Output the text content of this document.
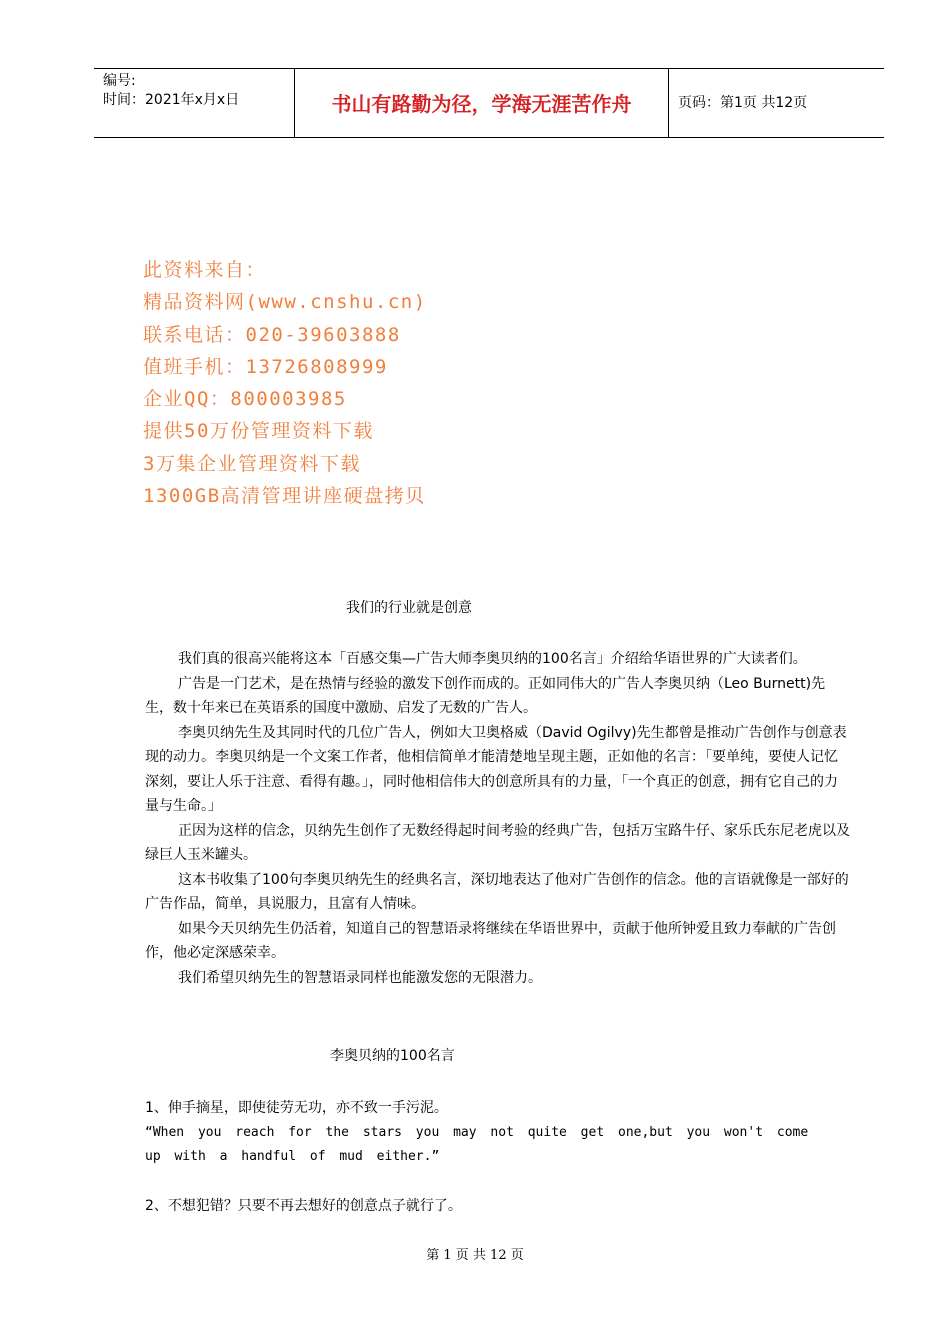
编号:
时间：2021年x月x日	书山有路勤为径，学海无涯苦作舟	页码：第1页 共12页
此资料来自：
精品资料网(www.cnshu.cn)
联系电话：020-39603888
值班手机：13726808999
企业QQ：800003985
提供50万份管理资料下载
3万集企业管理资料下载
1300GB高清管理讲座硬盘拷贝
我们的行业就是创意

我们真的很高兴能将这本「百感交集—广告大师李奥贝纳的100名言」介绍给华语世界的广大读者们。

广告是一门艺术，是在热情与经验的激发下创作而成的。正如同伟大的广告人李奥贝纳（Leo Burnett)先生，数十年来已在英语系的国度中激励、启发了无数的广告人。

李奥贝纳先生及其同时代的几位广告人，例如大卫奥格威（David Ogilvy)先生都曾是推动广告创作与创意表现的动力。李奥贝纳是一个文案工作者，他相信简单才能清楚地呈现主题，正如他的名言：「要单纯，要使人记忆深刻，要让人乐于注意、看得有趣。」，同时他相信伟大的创意所具有的力量，「一个真正的创意，拥有它自己的力量与生命。」

正因为这样的信念，贝纳先生创作了无数经得起时间考验的经典广告，包括万宝路牛仔、家乐氏东尼老虎以及绿巨人玉米罐头。

这本书收集了100句李奥贝纳先生的经典名言，深切地表达了他对广告创作的信念。他的言语就像是一部好的广告作品，简单，具说服力，且富有人情味。

如果今天贝纳先生仍活着，知道自己的智慧语录将继续在华语世界中，贡献于他所钟爱且致力奉献的广告创作，他必定深感荣幸。

我们希望贝纳先生的智慧语录同样也能激发您的无限潜力。

李奥贝纳的100名言

1、伸手摘星，即使徒劳无功，亦不致一手污泥。

“When you reach for the stars you may not quite get one,but you won't come up with a handful of mud either.”

2、不想犯错？只要不再去想好的创意点子就行了。

第 1 页 共 12 页
